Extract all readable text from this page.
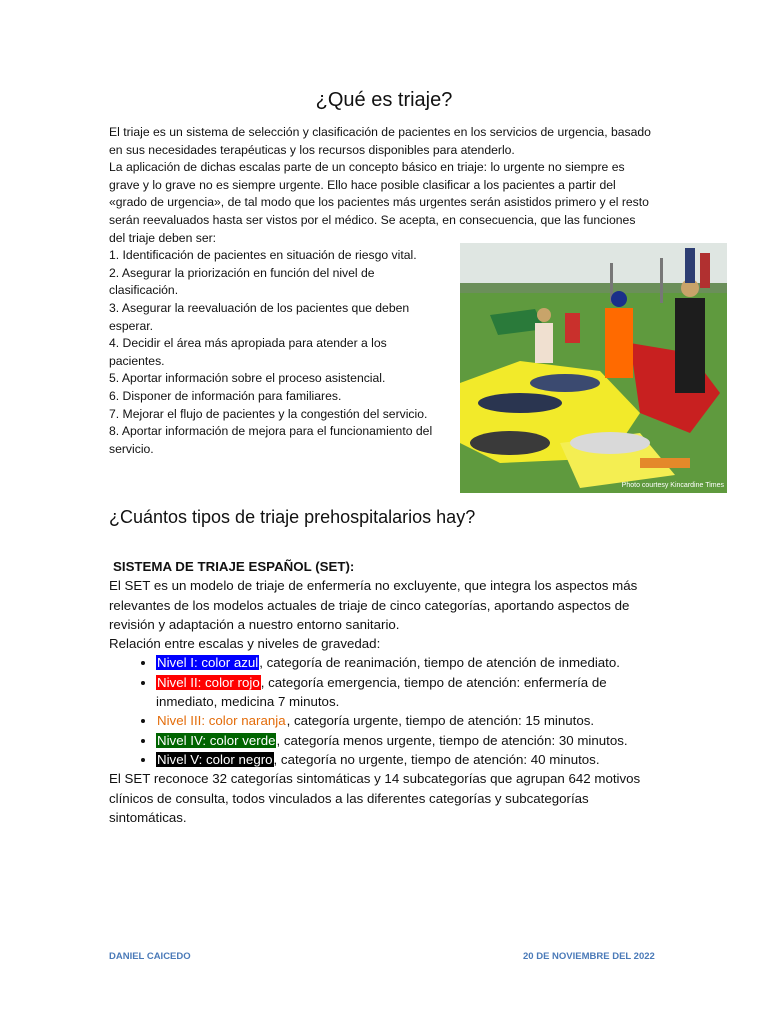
¿Qué es triaje?

El triaje es un sistema de selección y clasificación de pacientes en los servicios de urgencia, basado en sus necesidades terapéuticas y los recursos disponibles para atenderlo.

La aplicación de dichas escalas parte de un concepto básico en triaje: lo urgente no siempre es grave y lo grave no es siempre urgente. Ello hace posible clasificar a los pacientes a partir del «grado de urgencia», de tal modo que los pacientes más urgentes serán asistidos primero y el resto serán reevaluados hasta ser vistos por el médico. Se acepta, en consecuencia, que las funciones del triaje deben ser:

1. Identificación de pacientes en situación de riesgo vital.

2. Asegurar la priorización en función del nivel de clasificación.

3. Asegurar la reevaluación de los pacientes que deben esperar.

4. Decidir el área más apropiada para atender a los pacientes.

5. Aportar información sobre el proceso asistencial.

6. Disponer de información para familiares.

7. Mejorar el flujo de pacientes y la congestión del servicio.

8. Aportar información de mejora para el funcionamiento del servicio.

Photo courtesy Kincardine Times
¿Cuántos tipos de triaje prehospitalarios hay?

SISTEMA DE TRIAJE ESPAÑOL (SET):

El SET es un modelo de triaje de enfermería no excluyente, que integra los aspectos más relevantes de los modelos actuales de triaje de cinco categorías, aportando aspectos de revisión y adaptación a nuestro entorno sanitario.

Relación entre escalas y niveles de gravedad:

• Nivel I: color azul, categoría de reanimación, tiempo de atención de inmediato.
• Nivel II: color rojo, categoría emergencia, tiempo de atención: enfermería de inmediato, medicina 7 minutos.
• Nivel III: color naranja, categoría urgente, tiempo de atención: 15 minutos.
• Nivel IV: color verde, categoría menos urgente, tiempo de atención: 30 minutos.
• Nivel V: color negro, categoría no urgente, tiempo de atención: 40 minutos.

El SET reconoce 32 categorías sintomáticas y 14 subcategorías que agrupan 642 motivos clínicos de consulta, todos vinculados a las diferentes categorías y subcategorías sintomáticas.

DANIEL CAICEDO	20 DE NOVIEMBRE DEL 2022
